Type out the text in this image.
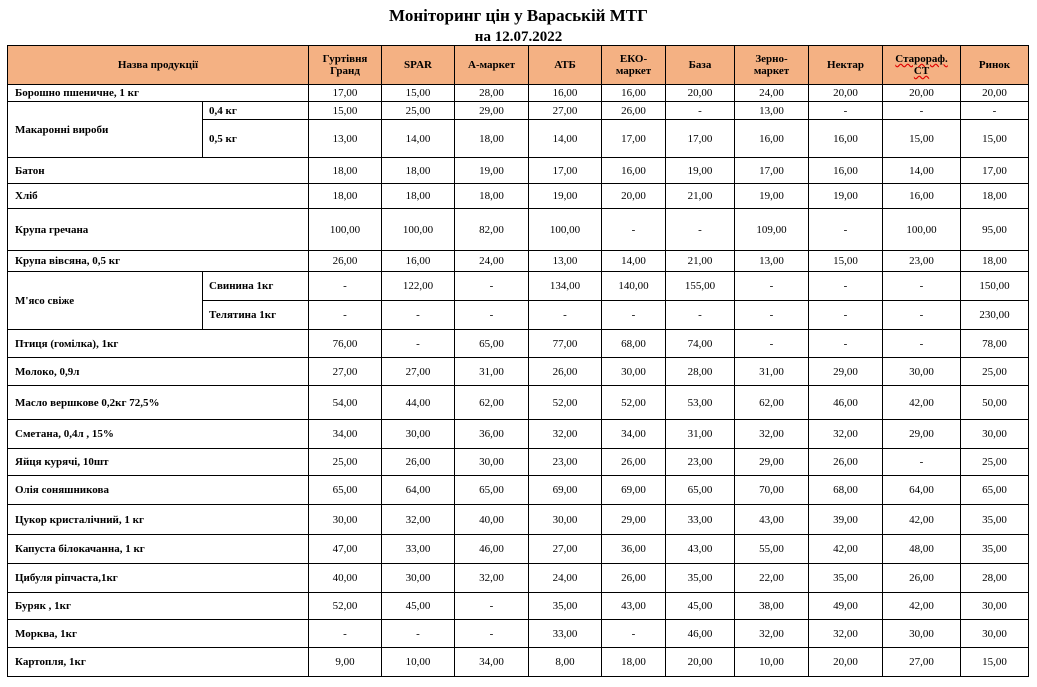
Моніторинг цін у Вараській МТГ
на 12.07.2022
Назва продукції		Гуртівня Гранд	SPAR	А-маркет	АТБ	ЕКО-маркет	База	Зерно-маркет	Нектар	Старораф. СТ	Ринок
Борошно пшеничне, 1 кг		17,00	15,00	28,00	16,00	16,00	20,00	24,00	20,00	20,00	20,00
Макаронні вироби	0,4 кг	15,00	25,00	29,00	27,00	26,00	-	13,00	-	-	-
	0,5 кг	13,00	14,00	18,00	14,00	17,00	17,00	16,00	16,00	15,00	15,00
Батон		18,00	18,00	19,00	17,00	16,00	19,00	17,00	16,00	14,00	17,00
Хліб		18,00	18,00	18,00	19,00	20,00	21,00	19,00	19,00	16,00	18,00
Крупа гречана		100,00	100,00	82,00	100,00	-	-	109,00	-	100,00	95,00
Крупа вівсяна, 0,5 кг		26,00	16,00	24,00	13,00	14,00	21,00	13,00	15,00	23,00	18,00
М'ясо свіже	Свинина 1кг	-	122,00	-	134,00	140,00	155,00	-	-	-	150,00
	Телятина 1кг	-	-	-	-	-	-	-	-	-	230,00
Птиця (гомілка), 1кг		76,00	-	65,00	77,00	68,00	74,00	-	-	-	78,00
Молоко, 0,9л		27,00	27,00	31,00	26,00	30,00	28,00	31,00	29,00	30,00	25,00
Масло вершкове 0,2кг 72,5%		54,00	44,00	62,00	52,00	52,00	53,00	62,00	46,00	42,00	50,00
Сметана, 0,4л , 15%		34,00	30,00	36,00	32,00	34,00	31,00	32,00	32,00	29,00	30,00
Яйця курячі, 10шт		25,00	26,00	30,00	23,00	26,00	23,00	29,00	26,00	-	25,00
Олія соняшникова		65,00	64,00	65,00	69,00	69,00	65,00	70,00	68,00	64,00	65,00
Цукор кристалічний, 1 кг		30,00	32,00	40,00	30,00	29,00	33,00	43,00	39,00	42,00	35,00
Капуста білокачанна, 1 кг		47,00	33,00	46,00	27,00	36,00	43,00	55,00	42,00	48,00	35,00
Цибуля ріпчаста,1кг		40,00	30,00	32,00	24,00	26,00	35,00	22,00	35,00	26,00	28,00
Буряк , 1кг		52,00	45,00	-	35,00	43,00	45,00	38,00	49,00	42,00	30,00
Морква, 1кг		-	-	-	33,00	-	46,00	32,00	32,00	30,00	30,00
Картопля, 1кг		9,00	10,00	34,00	8,00	18,00	20,00	10,00	20,00	27,00	15,00
